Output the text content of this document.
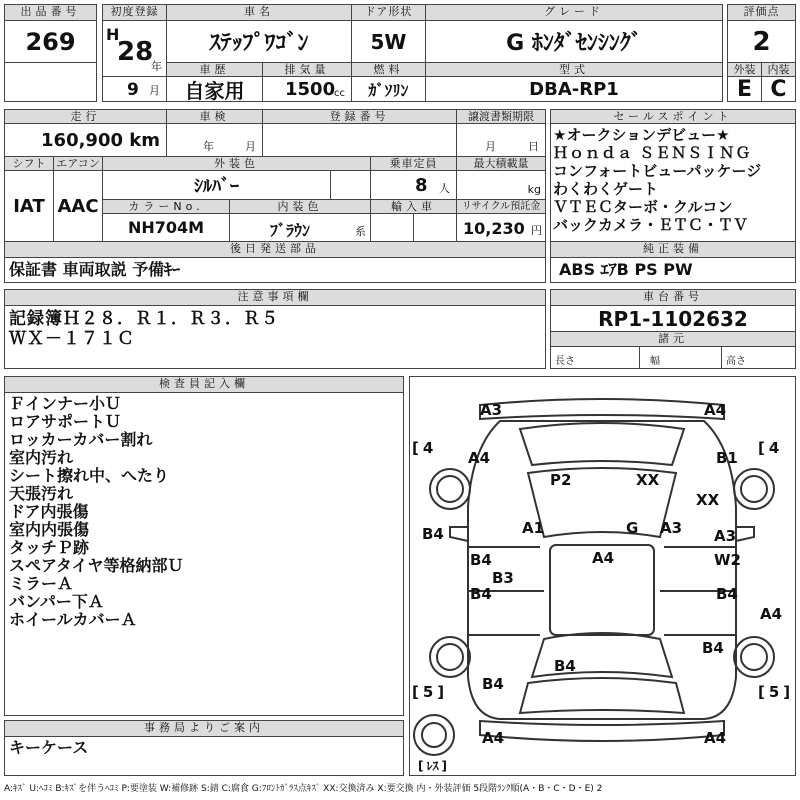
出品番号
269
初度登録
H
28
年
9 月
車名
ｽﾃｯﾌﾟﾜｺﾞﾝ
ドア形状
5W
グレード
G ﾎﾝﾀﾞｾﾝｼﾝｸﾞ
評価点
2
車歴
自家用
排気量
1500
cc
燃料
ｶﾞｿﾘﾝ
型式
DBA-RP1
外装	内装
E C
走行
160,900 km
車検
年	月
登録番号	譲渡書類期限
月	日
シフト エアコン
IAT AAC
外装色
ｼﾙﾊﾞｰ
カラーNo.
NH704M
内装色
ﾌﾞﾗｳﾝ	系
乗車定員
8 人
最大積載量
kg
輸入車	リサイクル預託金
10,230 円
セールスポイント
★オークションデビュー★
Ｈｏｎｄａ ＳＥＮＳＩＮＧ
コンフォートビューパッケージ
わくわくゲート
ＶＴＥＣターボ・クルコン
バックカメラ・ＥＴＣ・ＴＶ
後日発送部品
保証書 車両取説 予備ｷｰ
純正装備
ABS ｴｱB PS PW
注意事項欄
記録簿Ｈ２８．Ｒ１．Ｒ３．Ｒ５
ＷＸ－１７１Ｃ
車台番号
RP1-1102632
諸元
長さ	幅	高さ
検査員記入欄
Ｆインナー小Ｕ
ロアサポートＵ
ロッカーカバー割れ
室内汚れ
シート擦れ中、へたり
天張汚れ
ドア内張傷
室内内張傷
タッチＰ跡
スペアタイヤ等格納部Ｕ
ミラーＡ
バンパー下Ａ
ホイールカバーＡ
事務局よりご案内
キーケース
[ 4	[ 4
[ 5 ]	[ 5 ]
[ ﾚｽ ]
A3	A4
A4	B1
P2	XX
XX
A1	G A3 A3
B4
B4	A4	W2
B3
B4	B4
A4
B4
B4
B4
A4	A4
A:ｷｽﾞ U:ﾍｺﾐ B:ｷｽﾞを伴うﾍｺﾐ P:要塗装 W:補修跡 S:錆 C:腐食 G:ﾌﾛﾝﾄｶﾞﾗｽ点ｷｽﾞ XX:交換済み X:要交換 内・外装評価 5段階ﾗﾝｸ順(A・B・C・D・E) 2
